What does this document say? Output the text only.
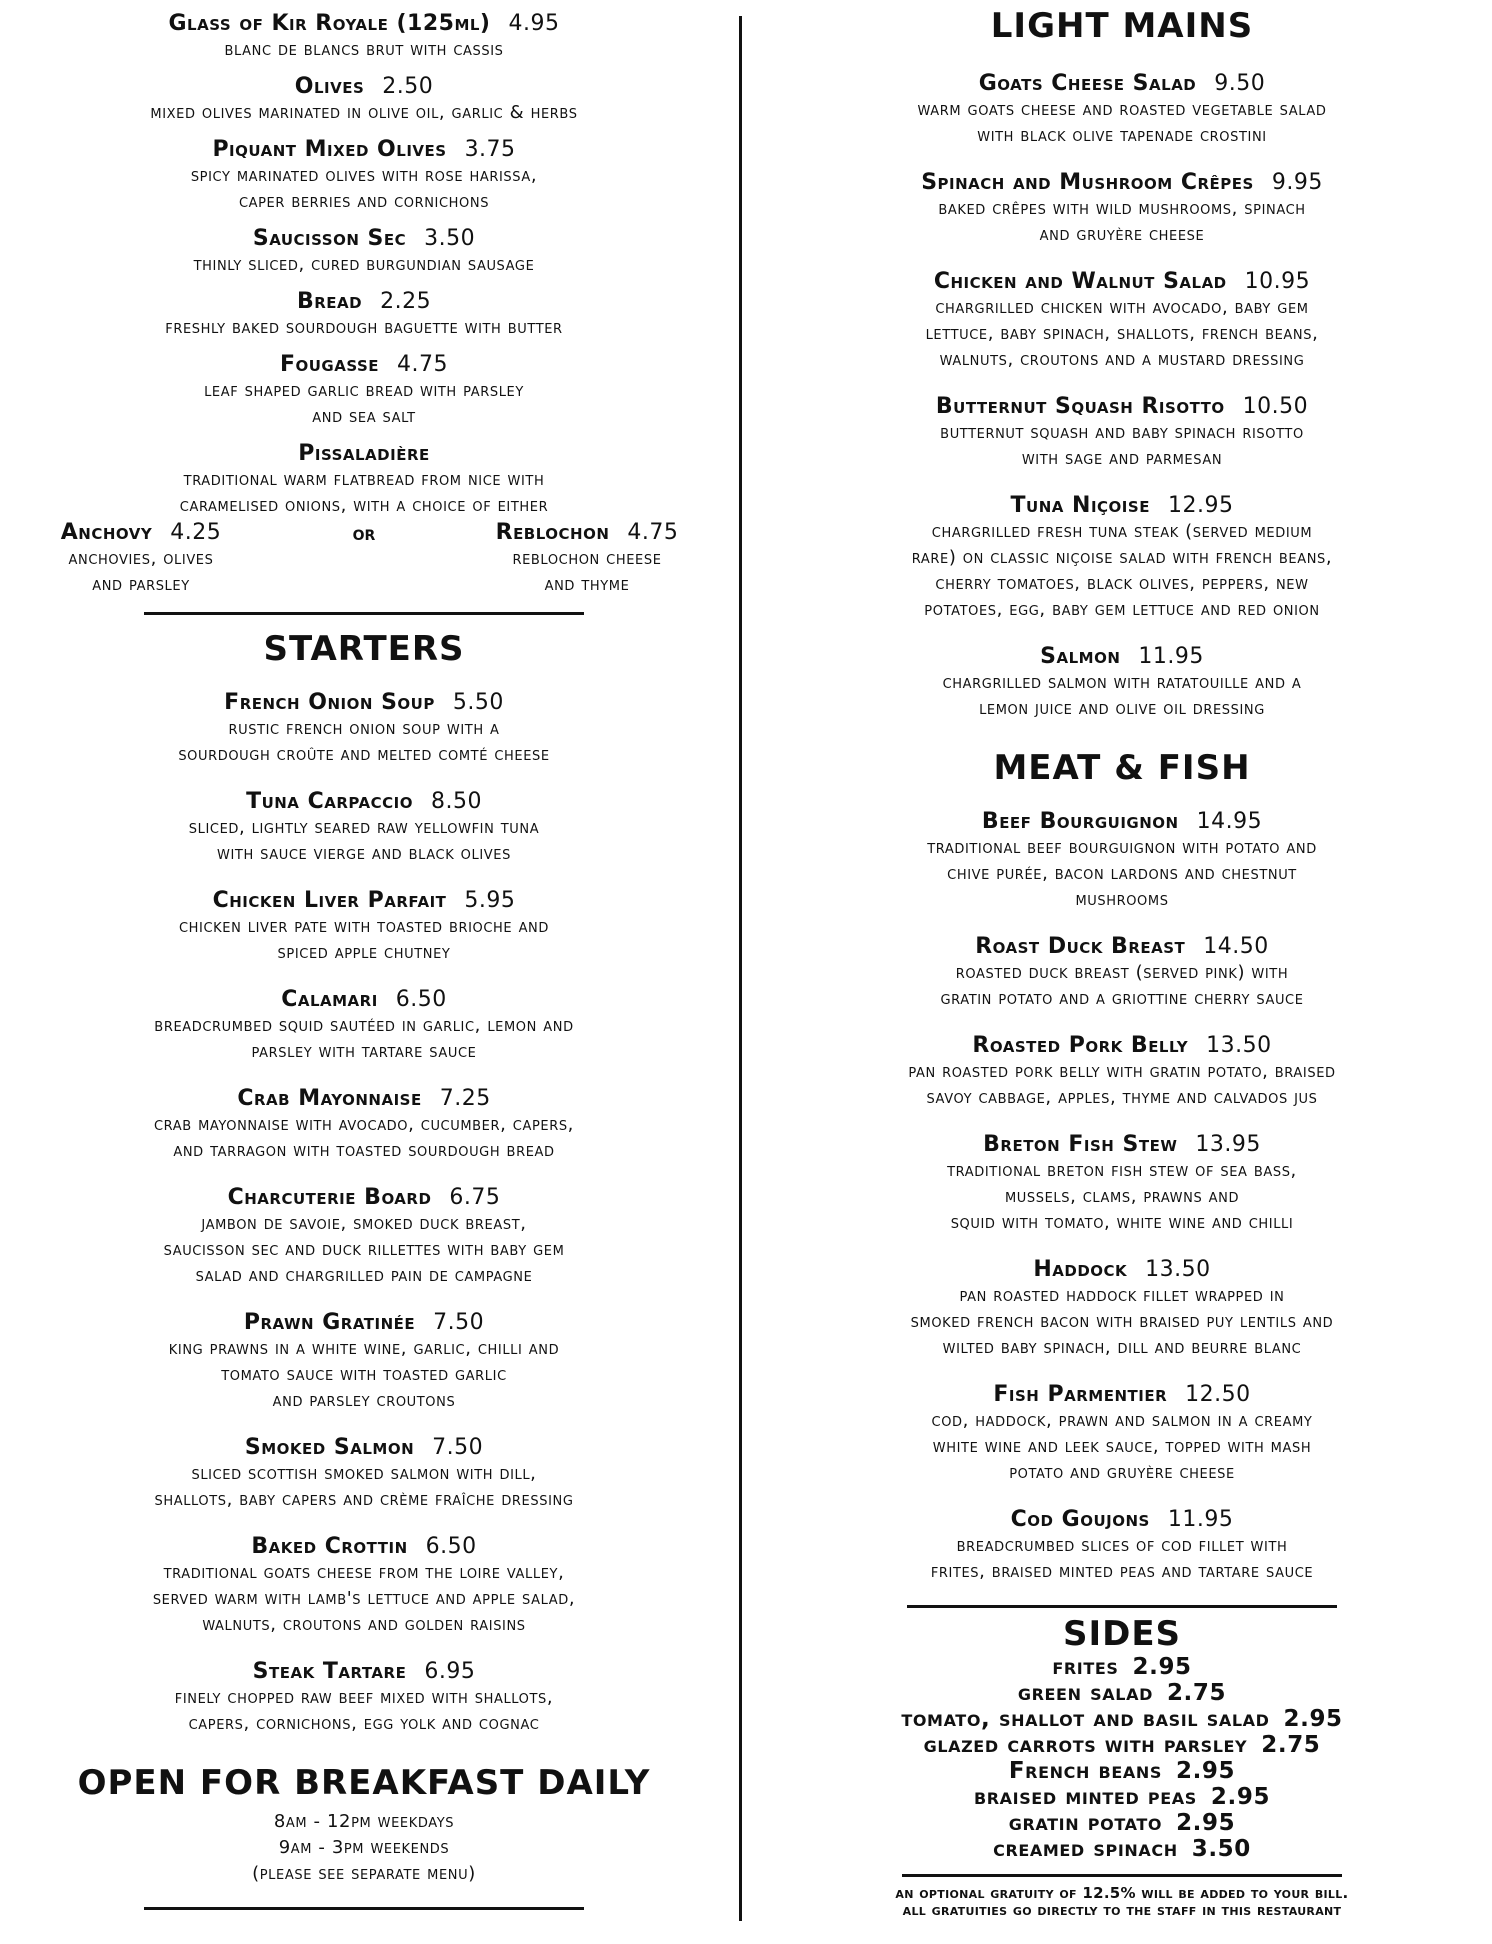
Glass of Kir Royale (125ml) 4.95
blanc de blancs brut with cassis
Olives 2.50
mixed olives marinated in olive oil, garlic & herbs
Piquant Mixed Olives 3.75
spicy marinated olives with rose harissa,
caper berries and cornichons
Saucisson Sec 3.50
thinly sliced, cured burgundian sausage
Bread 2.25
freshly baked sourdough baguette with butter
Fougasse 4.75
leaf shaped garlic bread with parsley
and sea salt
Pissaladière
traditional warm flatbread from nice with
caramelised onions, with a choice of either
Anchovy 4.25
anchovies, olives
and parsley
or	Reblochon 4.75
reblochon cheese
and thyme
STARTERS
French Onion Soup 5.50
rustic french onion soup with a
sourdough croûte and melted comté cheese
Tuna Carpaccio 8.50
sliced, lightly seared raw yellowfin tuna
with sauce vierge and black olives
Chicken Liver Parfait 5.95
chicken liver pate with toasted brioche and
spiced apple chutney
Calamari 6.50
breadcrumbed squid sautéed in garlic, lemon and
parsley with tartare sauce
Crab Mayonnaise 7.25
crab mayonnaise with avocado, cucumber, capers,
and tarragon with toasted sourdough bread
Charcuterie Board 6.75
jambon de savoie, smoked duck breast,
saucisson sec and duck rillettes with baby gem
salad and chargrilled pain de campagne
Prawn Gratinée 7.50
king prawns in a white wine, garlic, chilli and
tomato sauce with toasted garlic
and parsley croutons
Smoked Salmon 7.50
sliced scottish smoked salmon with dill,
shallots, baby capers and crème fraîche dressing
Baked Crottin 6.50
traditional goats cheese from the loire valley,
served warm with lamb's lettuce and apple salad,
walnuts, croutons and golden raisins
Steak Tartare 6.95
finely chopped raw beef mixed with shallots,
capers, cornichons, egg yolk and cognac
OPEN FOR BREAKFAST DAILY
8am - 12pm weekdays
9am - 3pm weekends
(please see separate menu)
LIGHT MAINS
Goats Cheese Salad 9.50
warm goats cheese and roasted vegetable salad
with black olive tapenade crostini
Spinach and Mushroom Crêpes 9.95
baked crêpes with wild mushrooms, spinach
and gruyère cheese
Chicken and Walnut Salad 10.95
chargrilled chicken with avocado, baby gem
lettuce, baby spinach, shallots, french beans,
walnuts, croutons and a mustard dressing
Butternut Squash Risotto 10.50
butternut squash and baby spinach risotto
with sage and parmesan
Tuna Niçoise 12.95
chargrilled fresh tuna steak (served medium
rare) on classic niçoise salad with french beans,
cherry tomatoes, black olives, peppers, new
potatoes, egg, baby gem lettuce and red onion
Salmon 11.95
chargrilled salmon with ratatouille and a
lemon juice and olive oil dressing
MEAT & FISH
Beef Bourguignon 14.95
traditional beef bourguignon with potato and
chive purée, bacon lardons and chestnut
mushrooms
Roast Duck Breast 14.50
roasted duck breast (served pink) with
gratin potato and a griottine cherry sauce
Roasted Pork Belly 13.50
pan roasted pork belly with gratin potato, braised
savoy cabbage, apples, thyme and calvados jus
Breton Fish Stew 13.95
traditional breton fish stew of sea bass,
mussels, clams, prawns and
squid with tomato, white wine and chilli
Haddock 13.50
pan roasted haddock fillet wrapped in
smoked french bacon with braised puy lentils and
wilted baby spinach, dill and beurre blanc
Fish Parmentier 12.50
cod, haddock, prawn and salmon in a creamy
white wine and leek sauce, topped with mash
potato and gruyère cheese
Cod Goujons 11.95
breadcrumbed slices of cod fillet with
frites, braised minted peas and tartare sauce
SIDES
frites 2.95
green salad 2.75
tomato, shallot and basil salad 2.95
glazed carrots with parsley 2.75
French beans 2.95
braised minted peas 2.95
gratin potato 2.95
creamed spinach 3.50
an optional gratuity of 12.5% will be added to your bill.
all gratuities go directly to the staff in this restaurant
